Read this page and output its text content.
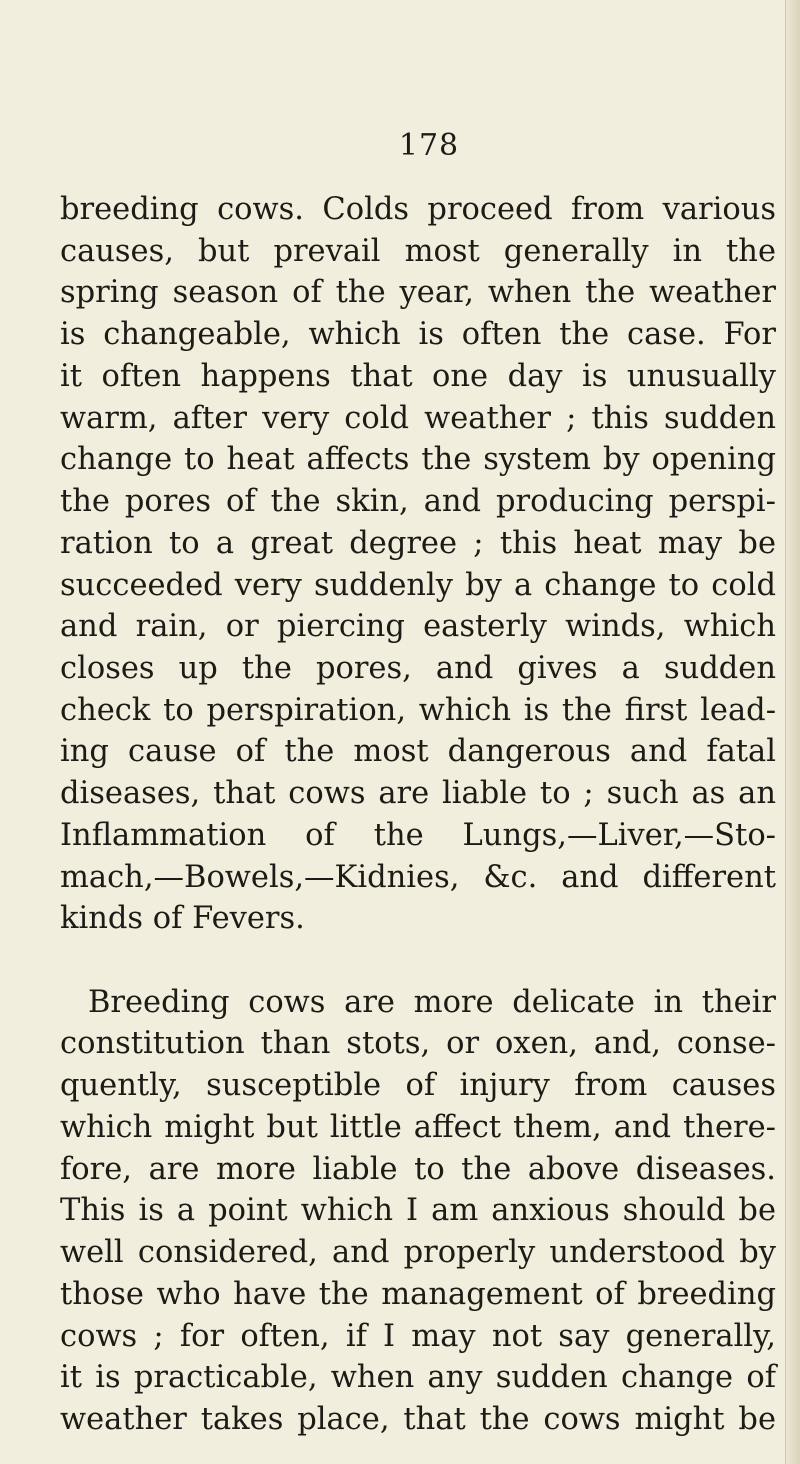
178
breeding cows. Colds proceed from various
causes, but prevail most generally in the
spring season of the year, when the weather
is changeable, which is often the case. For
it often happens that one day is unusually
warm, after very cold weather ; this sudden
change to heat affects the system by opening
the pores of the skin, and producing perspi-
ration to a great degree ; this heat may be
succeeded very suddenly by a change to cold
and rain, or piercing easterly winds, which
closes up the pores, and gives a sudden
check to perspiration, which is the first lead-
ing cause of the most dangerous and fatal
diseases, that cows are liable to ; such as an
Inflammation of the Lungs,—Liver,—Sto-
mach,—Bowels,—Kidnies, &c. and different
kinds of Fevers.
Breeding cows are more delicate in their
constitution than stots, or oxen, and, conse-
quently, susceptible of injury from causes
which might but little affect them, and there-
fore, are more liable to the above diseases.
This is a point which I am anxious should be
well considered, and properly understood by
those who have the management of breeding
cows ; for often, if I may not say generally,
it is practicable, when any sudden change of
weather takes place, that the cows might be
